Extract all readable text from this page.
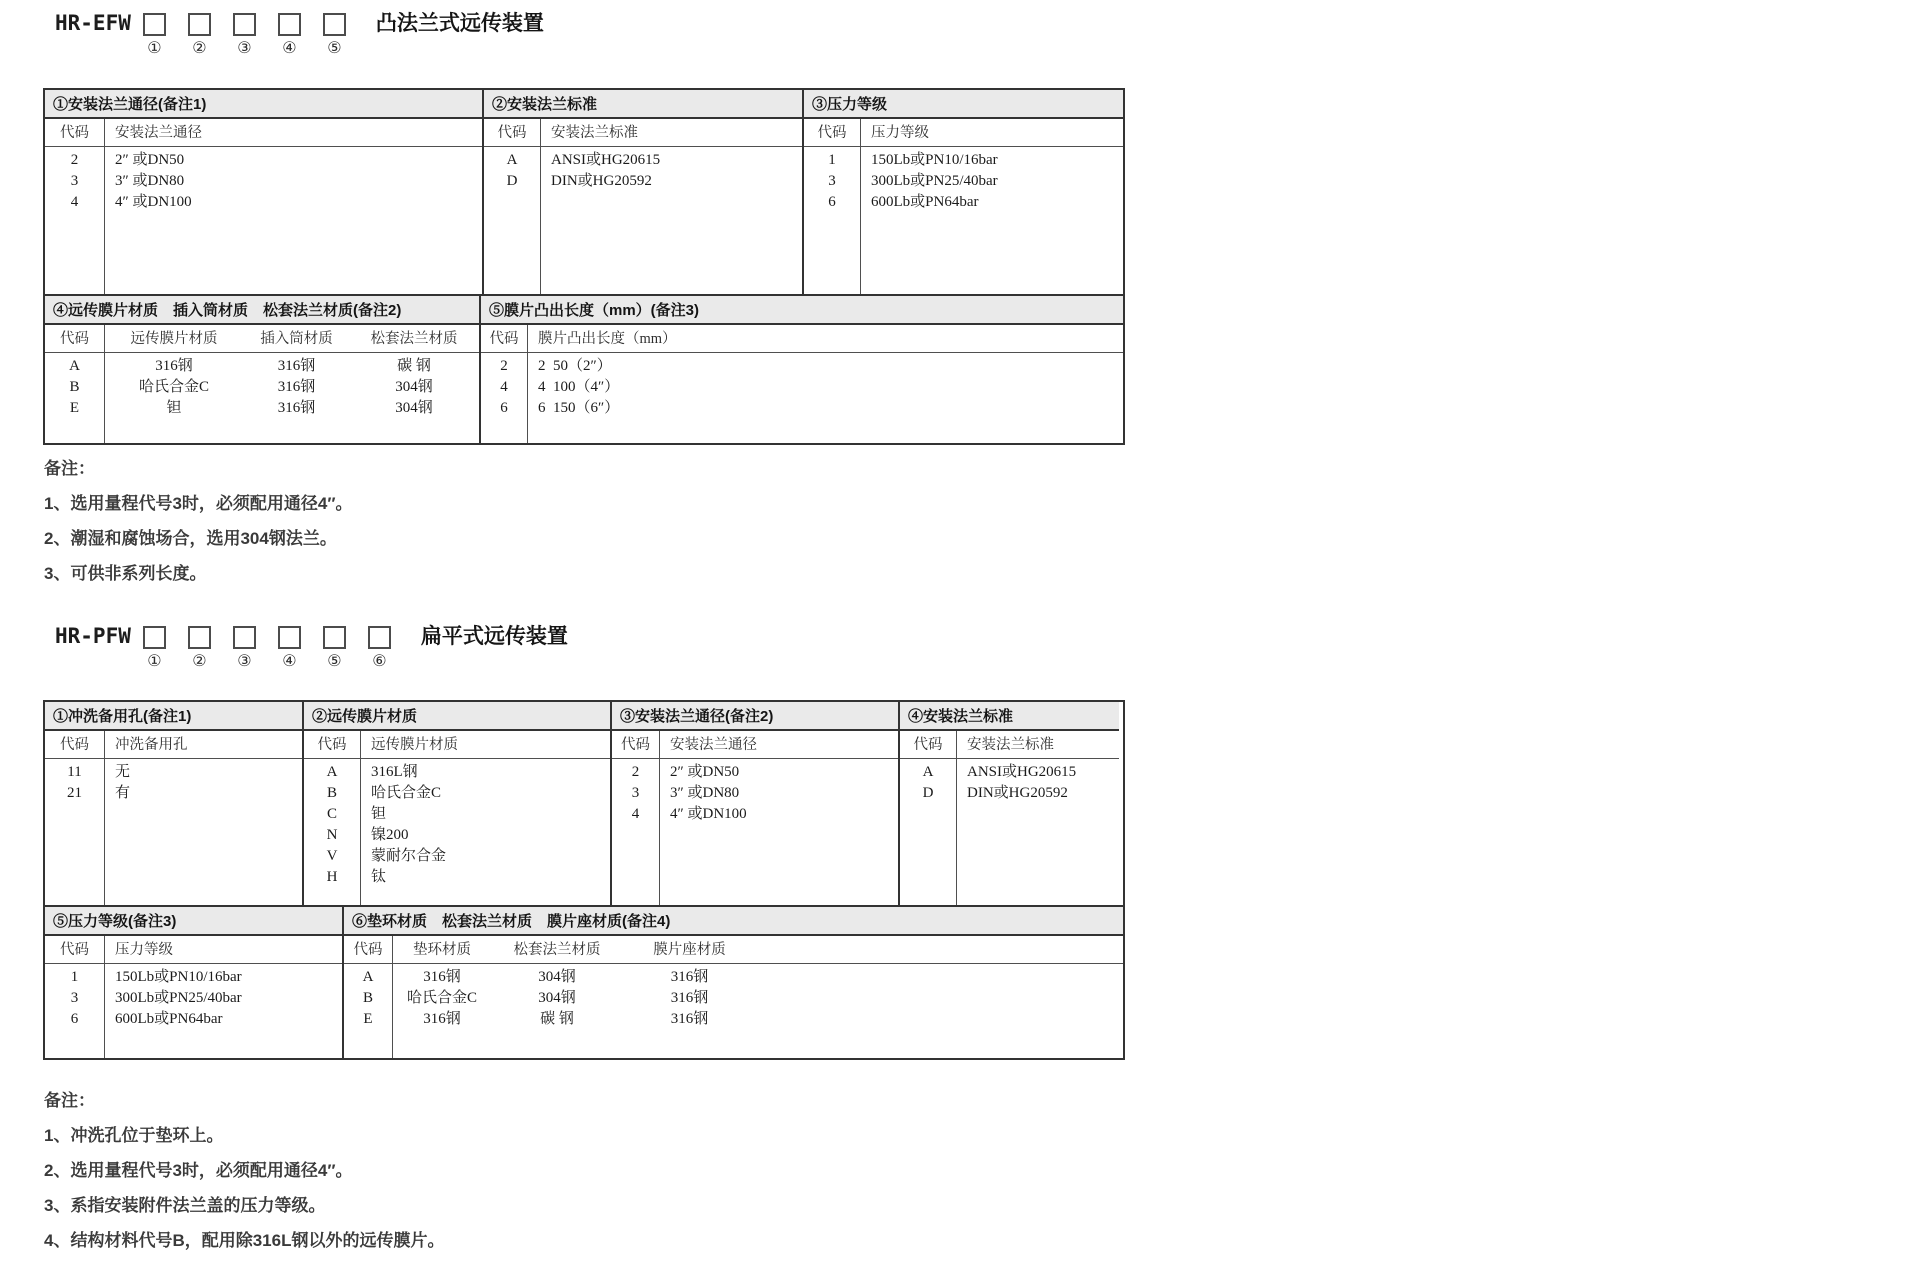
HR-EFW
① ② ③ ④ ⑤
凸法兰式远传装置
①安装法兰通径(备注1)
代码	安装法兰通径
2	2″ 或DN50
3	3″ 或DN80
4	4″ 或DN100
②安装法兰标准
代码	安装法兰标准
A	ANSI或HG20615
D	DIN或HG20592
③压力等级
代码	压力等级
1	150Lb或PN10/16bar
3	300Lb或PN25/40bar
6	600Lb或PN64bar
④远传膜片材质　插入筒材质　松套法兰材质(备注2)
代码	远传膜片材质	插入筒材质	松套法兰材质
A	316钢	316钢	碳 钢
B	哈氏合金C	316钢	304钢
E	钽	316钢	304钢
⑤膜片凸出长度（mm）(备注3)
代码	膜片凸出长度（mm）
2	2  50（2″）
4	4  100（4″）
6	6  150（6″）
备注：
1、选用量程代号3时，必须配用通径4″。
2、潮湿和腐蚀场合，选用304钢法兰。
3、可供非系列长度。
HR-PFW
① ② ③ ④ ⑤ ⑥
扁平式远传装置
①冲洗备用孔(备注1)
代码	冲洗备用孔
11	无
21	有
②远传膜片材质
代码	远传膜片材质
A	316L钢
B	哈氏合金C
C	钽
N	镍200
V	蒙耐尔合金
H	钛
③安装法兰通径(备注2)
代码	安装法兰通径
2	2″ 或DN50
3	3″ 或DN80
4	4″ 或DN100
④安装法兰标准
代码	安装法兰标准
A	ANSI或HG20615
D	DIN或HG20592
⑤压力等级(备注3)
代码	压力等级
1	150Lb或PN10/16bar
3	300Lb或PN25/40bar
6	600Lb或PN64bar
⑥垫环材质　松套法兰材质　膜片座材质(备注4)
代码	垫环材质	松套法兰材质	膜片座材质
A	316钢	304钢	316钢
B	哈氏合金C	304钢	316钢
E	316钢	碳 钢	316钢
备注：
1、冲洗孔位于垫环上。
2、选用量程代号3时，必须配用通径4″。
3、系指安装附件法兰盖的压力等级。
4、结构材料代号B，配用除316L钢以外的远传膜片。
